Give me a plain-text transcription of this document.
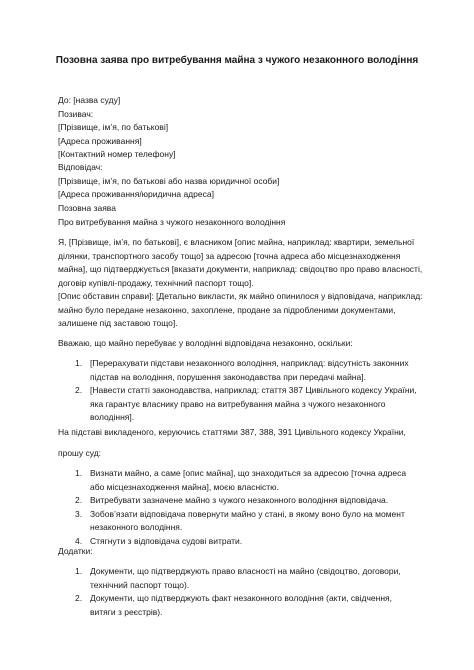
Позовна заява про витребування майна з чужого незаконного володіння
До: [назва суду]
Позивач:
[Прізвище, ім’я, по батькові]
[Адреса проживання]
[Контактний номер телефону]
Відповідач:
[Прізвище, ім’я, по батькові або назва юридичної особи]
[Адреса проживання/юридична адреса]
Позовна заява
Про витребування майна з чужого незаконного володіння
Я, [Прізвище, ім’я, по батькові], є власником [опис майна, наприклад: квартири, земельної ділянки, транспортного засобу тощо] за адресою [точна адреса або місцезнаходження майна], що підтверджується [вказати документи, наприклад: свідоцтво про право власності, договір купівлі-продажу, технічний паспорт тощо].
[Опис обставин справи]: [Детально викласти, як майно опинилося у відповідача, наприклад: майно було передане незаконно, захоплене, продане за підробленими документами, залишене під заставою тощо].
Вважаю, що майно перебуває у володінні відповідача незаконно, оскільки:
1. [Перерахувати підстави незаконного володіння, наприклад: відсутність законних підстав на володіння, порушення законодавства при передачі майна].
2. [Навести статті законодавства, наприклад: стаття 387 Цивільного кодексу України, яка гарантує власнику право на витребування майна з чужого незаконного володіння].
На підставі викладеного, керуючись статтями 387, 388, 391 Цивільного кодексу України,
прошу суд:
1. Визнати майно, а саме [опис майна], що знаходиться за адресою [точна адреса або місцезнаходження майна], моєю власністю.
2. Витребувати зазначене майно з чужого незаконного володіння відповідача.
3. Зобов’язати відповідача повернути майно у стані, в якому воно було на момент незаконного володіння.
4. Стягнути з відповідача судові витрати.
Додатки:
1. Документи, що підтверджують право власності на майно (свідоцтво, договори, технічний паспорт тощо).
2. Документи, що підтверджують факт незаконного володіння (акти, свідчення, витяги з реєстрів).
